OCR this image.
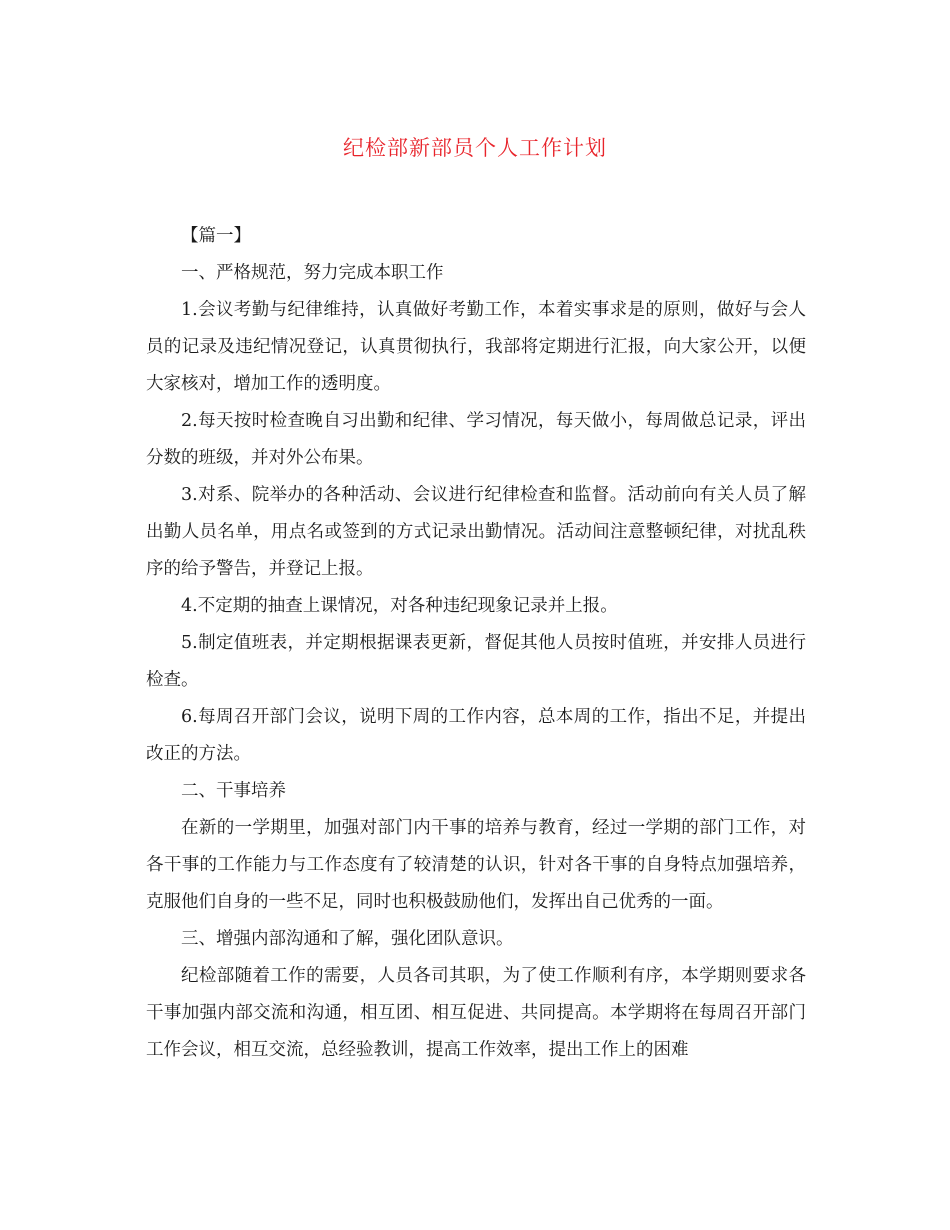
纪检部新部员个人工作计划

【篇一】

一、严格规范，努力完成本职工作

1.会议考勤与纪律维持，认真做好考勤工作，本着实事求是的原则，做好与会人员的记录及违纪情况登记，认真贯彻执行，我部将定期进行汇报，向大家公开，以便大家核对，增加工作的透明度。

2.每天按时检查晚自习出勤和纪律、学习情况，每天做小，每周做总记录，评出分数的班级，并对外公布果。

3.对系、院举办的各种活动、会议进行纪律检查和监督。活动前向有关人员了解出勤人员名单，用点名或签到的方式记录出勤情况。活动间注意整顿纪律，对扰乱秩序的给予警告，并登记上报。

4.不定期的抽查上课情况，对各种违纪现象记录并上报。

5.制定值班表，并定期根据课表更新，督促其他人员按时值班，并安排人员进行检查。

6.每周召开部门会议，说明下周的工作内容，总本周的工作，指出不足，并提出改正的方法。

二、干事培养

在新的一学期里，加强对部门内干事的培养与教育，经过一学期的部门工作，对各干事的工作能力与工作态度有了较清楚的认识，针对各干事的自身特点加强培养，克服他们自身的一些不足，同时也积极鼓励他们，发挥出自己优秀的一面。

三、增强内部沟通和了解，强化团队意识。

纪检部随着工作的需要，人员各司其职，为了使工作顺利有序，本学期则要求各干事加强内部交流和沟通，相互团、相互促进、共同提高。本学期将在每周召开部门工作会议，相互交流，总经验教训，提高工作效率，提出工作上的困难
